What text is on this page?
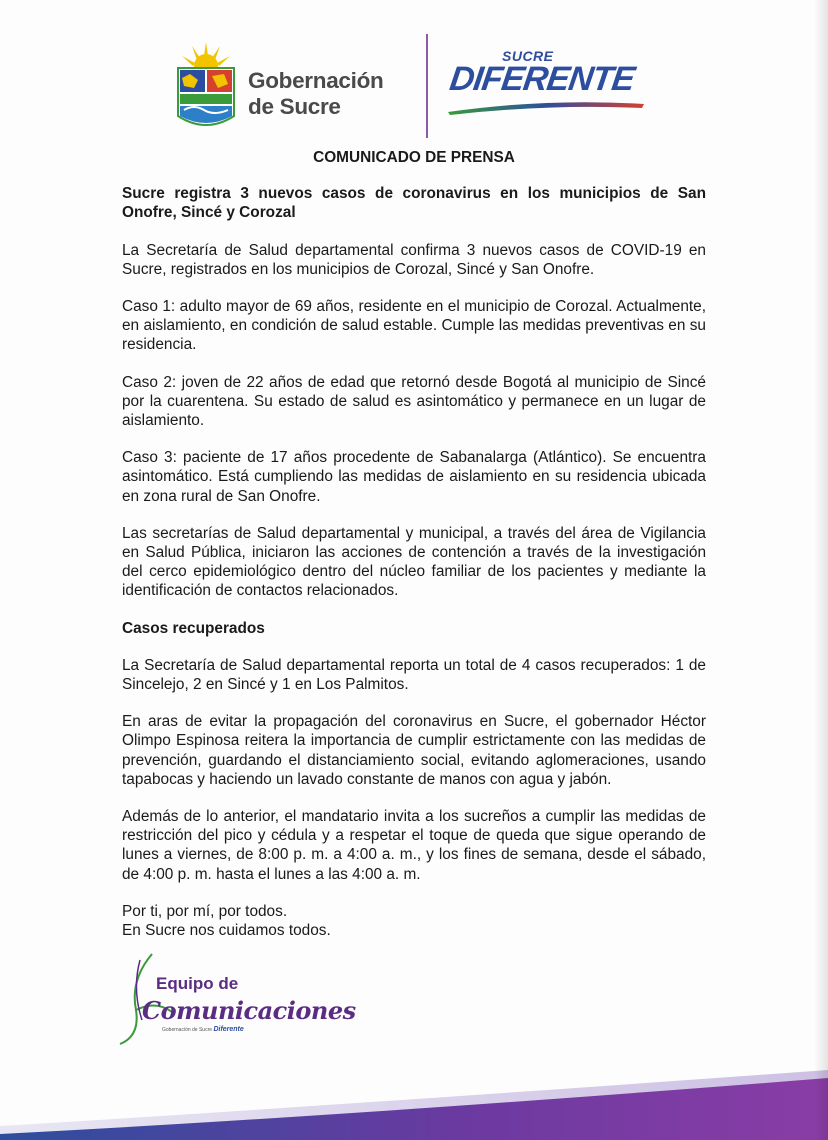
Gobernación
de Sucre
SUCRE
DIFERENTE

COMUNICADO DE PRENSA

Sucre registra 3 nuevos casos de coronavirus en los municipios de San Onofre, Sincé y Corozal

La Secretaría de Salud departamental confirma 3 nuevos casos de COVID-19 en Sucre, registrados en los municipios de Corozal, Sincé y San Onofre.

Caso 1: adulto mayor de 69 años, residente en el municipio de Corozal. Actualmente, en aislamiento, en condición de salud estable. Cumple las medidas preventivas en su residencia.

Caso 2: joven de 22 años de edad que retornó desde Bogotá al municipio de Sincé por la cuarentena. Su estado de salud es asintomático y permanece en un lugar de aislamiento.

Caso 3: paciente de 17 años procedente de Sabanalarga (Atlántico). Se encuentra asintomático. Está cumpliendo las medidas de aislamiento en su residencia ubicada en zona rural de San Onofre.

Las secretarías de Salud departamental y municipal, a través del área de Vigilancia en Salud Pública, iniciaron las acciones de contención a través de la investigación del cerco epidemiológico dentro del núcleo familiar de los pacientes y mediante la identificación de contactos relacionados.

Casos recuperados

La Secretaría de Salud departamental reporta un total de 4 casos recuperados: 1 de Sincelejo, 2 en Sincé y 1 en Los Palmitos.

En aras de evitar la propagación del coronavirus en Sucre, el gobernador Héctor Olimpo Espinosa reitera la importancia de cumplir estrictamente con las medidas de prevención, guardando el distanciamiento social, evitando aglomeraciones, usando tapabocas y haciendo un lavado constante de manos con agua y jabón.

Además de lo anterior, el mandatario invita a los sucreños a cumplir las medidas de restricción del pico y cédula y a respetar el toque de queda que sigue operando de lunes a viernes, de 8:00 p. m. a 4:00 a. m., y los fines de semana, desde el sábado, de 4:00 p. m. hasta el lunes a las 4:00 a. m.

Por ti, por mí, por todos.

En Sucre nos cuidamos todos.

Equipo de
Comunicaciones
Gobernación de Sucre Diferente
